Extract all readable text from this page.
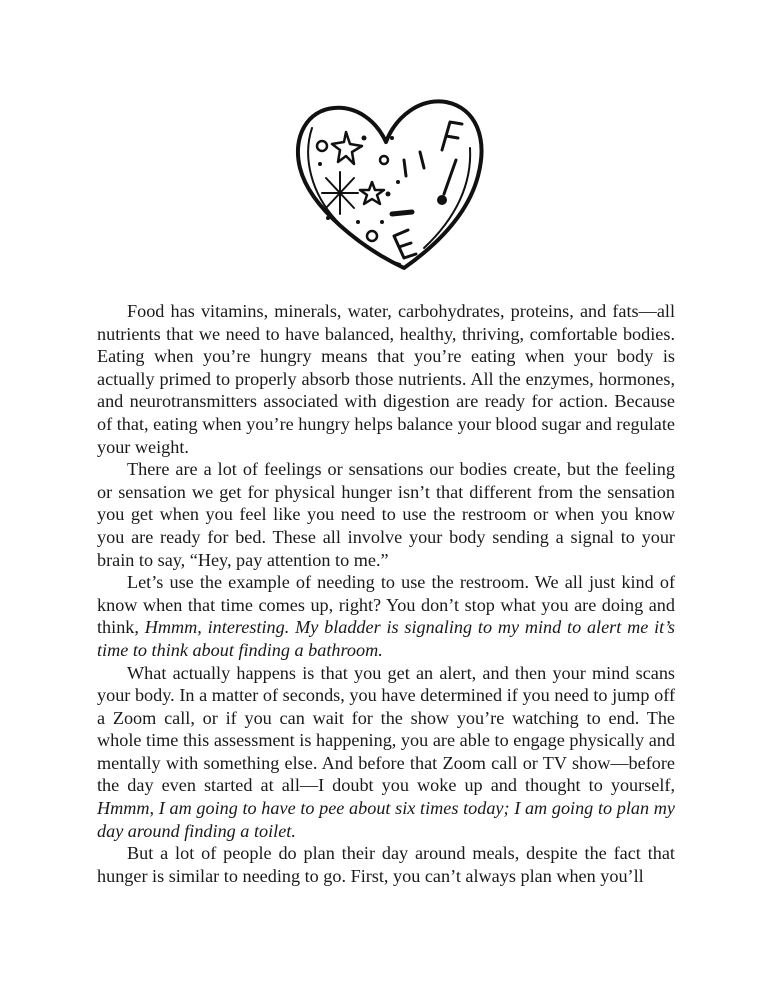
Food has vitamins, minerals, water, carbohydrates, proteins, and fats—all nutrients that we need to have balanced, healthy, thriving, comfortable bodies. Eating when you’re hungry means that you’re eating when your body is actually primed to properly absorb those nutrients. All the enzymes, hormones, and neurotransmitters associated with digestion are ready for action. Because of that, eating when you’re hungry helps balance your blood sugar and regulate your weight.

There are a lot of feelings or sensations our bodies create, but the feeling or sensation we get for physical hunger isn’t that different from the sensation you get when you feel like you need to use the restroom or when you know you are ready for bed. These all involve your body sending a signal to your brain to say, “Hey, pay attention to me.”

Let’s use the example of needing to use the restroom. We all just kind of know when that time comes up, right? You don’t stop what you are doing and think, Hmmm, interesting. My bladder is signaling to my mind to alert me it’s time to think about finding a bathroom.

What actually happens is that you get an alert, and then your mind scans your body. In a matter of seconds, you have determined if you need to jump off a Zoom call, or if you can wait for the show you’re watching to end. The whole time this assessment is happening, you are able to engage physically and mentally with something else. And before that Zoom call or TV show—before the day even started at all—I doubt you woke up and thought to yourself, Hmmm, I am going to have to pee about six times today; I am going to plan my day around finding a toilet.

But a lot of people do plan their day around meals, despite the fact that hunger is similar to needing to go. First, you can’t always plan when you’ll
